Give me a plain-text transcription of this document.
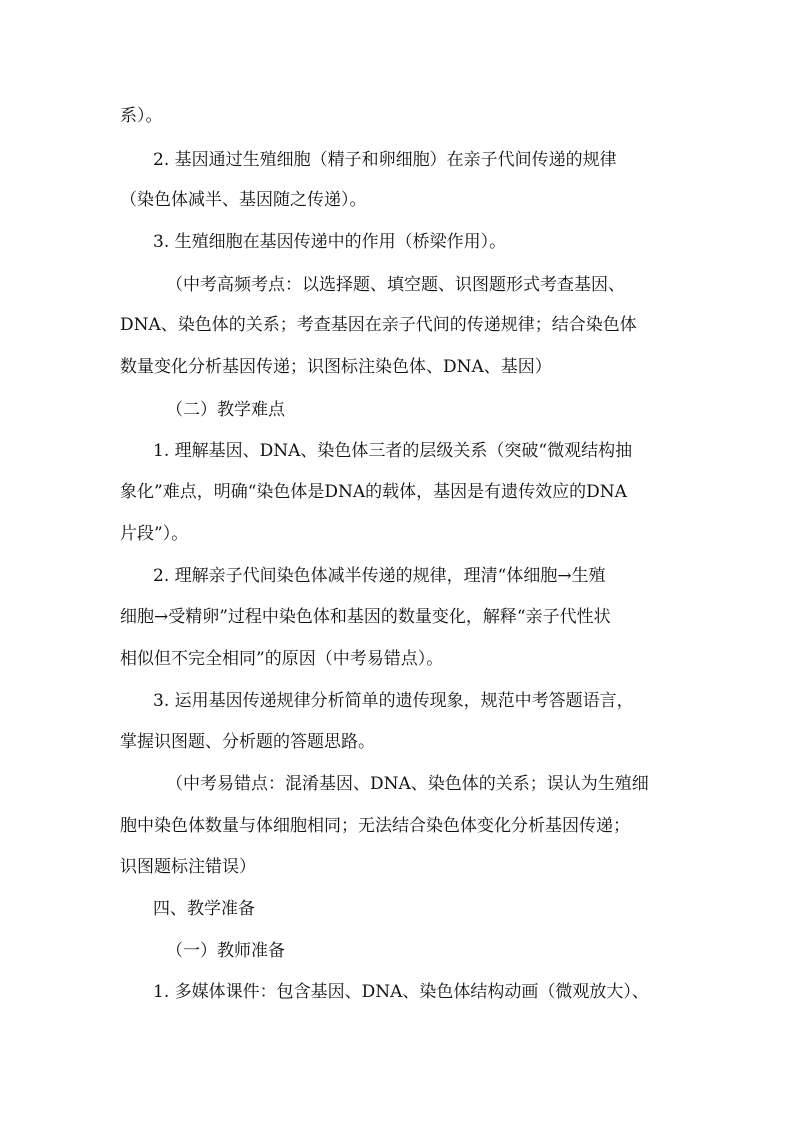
系）。
2. 基因通过生殖细胞（精子和卵细胞）在亲子代间传递的规律
（染色体减半、基因随之传递）。
3. 生殖细胞在基因传递中的作用（桥梁作用）。
（中考高频考点：以选择题、填空题、识图题形式考查基因、
DNA、染色体的关系；考查基因在亲子代间的传递规律；结合染色体
数量变化分析基因传递；识图标注染色体、DNA、基因）
（二）教学难点
1. 理解基因、DNA、染色体三者的层级关系（突破“微观结构抽
象化”难点，明确“染色体是DNA的载体，基因是有遗传效应的DNA
片段”）。
2. 理解亲子代间染色体减半传递的规律，理清“体细胞→生殖
细胞→受精卵”过程中染色体和基因的数量变化，解释“亲子代性状
相似但不完全相同”的原因（中考易错点）。
3. 运用基因传递规律分析简单的遗传现象，规范中考答题语言，
掌握识图题、分析题的答题思路。
（中考易错点：混淆基因、DNA、染色体的关系；误认为生殖细
胞中染色体数量与体细胞相同；无法结合染色体变化分析基因传递；
识图题标注错误）
四、教学准备
（一）教师准备
1. 多媒体课件：包含基因、DNA、染色体结构动画（微观放大）、
